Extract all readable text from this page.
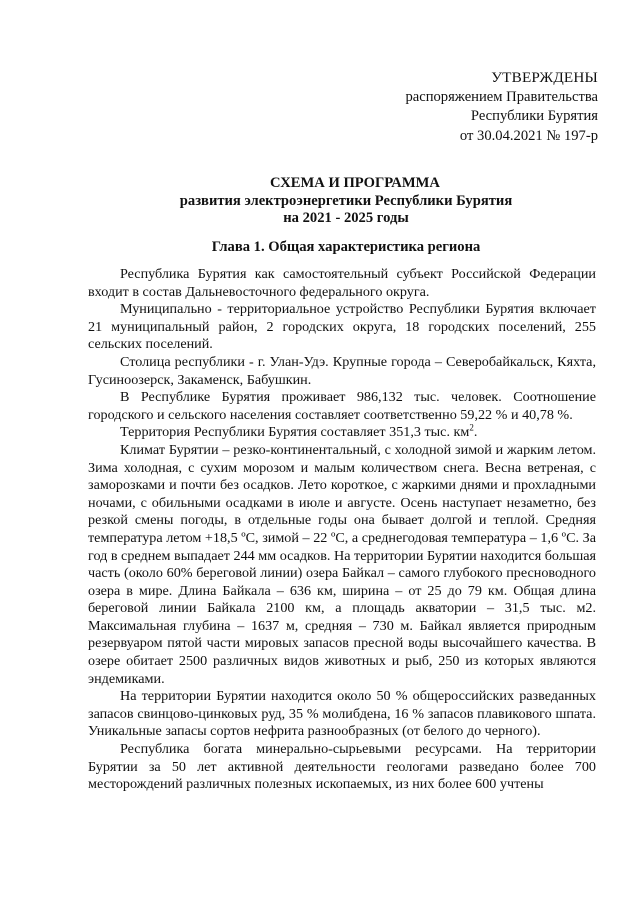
УТВЕРЖДЕНЫ
распоряжением Правительства
Республики Бурятия
от 30.04.2021 № 197-р
СХЕМА И ПРОГРАММА
развития электроэнергетики Республики Бурятия
на 2021 - 2025 годы
Глава 1. Общая характеристика региона

Республика Бурятия как самостоятельный субъект Российской Федерации входит в состав Дальневосточного федерального округа.

Муниципально - территориальное устройство Республики Бурятия включает 21 муниципальный район, 2 городских округа, 18 городских поселений, 255 сельских поселений.

Столица республики - г. Улан-Удэ. Крупные города – Северобайкальск, Кяхта, Гусиноозерск, Закаменск, Бабушкин.

В Республике Бурятия проживает 986,132 тыс. человек. Соотношение городского и сельского населения составляет соответственно 59,22 % и 40,78 %.

Территория Республики Бурятия составляет 351,3 тыс. $км^2$.

Климат Бурятии – резко-континентальный, с холодной зимой и жарким летом. Зима холодная, с сухим морозом и малым количеством снега. Весна ветреная, с заморозками и почти без осадков. Лето короткое, с жаркими днями и прохладными ночами, с обильными осадками в июле и августе. Осень наступает незаметно, без резкой смены погоды, в отдельные годы она бывает долгой и теплой. Средняя температура летом +18,5 ºС, зимой – 22 ºС, а среднегодовая температура – 1,6 ºС. За год в среднем выпадает 244 мм осадков. На территории Бурятии находится большая часть (около 60% береговой линии) озера Байкал – самого глубокого пресноводного озера в мире. Длина Байкала – 636 км, ширина – от 25 до 79 км. Общая длина береговой линии Байкала 2100 км, а площадь акватории – 31,5 тыс. м2. Максимальная глубина – 1637 м, средняя – 730 м. Байкал является природным резервуаром пятой части мировых запасов пресной воды высочайшего качества. В озере обитает 2500 различных видов животных и рыб, 250 из которых являются эндемиками.

На территории Бурятии находится около 50 % общероссийских разведанных запасов свинцово-цинковых руд, 35 % молибдена, 16 % запасов плавикового шпата. Уникальные запасы сортов нефрита разнообразных (от белого до черного).

Республика богата минерально-сырьевыми ресурсами. На территории Бурятии за 50 лет активной деятельности геологами разведано более 700 месторождений различных полезных ископаемых, из них более 600 учтены
